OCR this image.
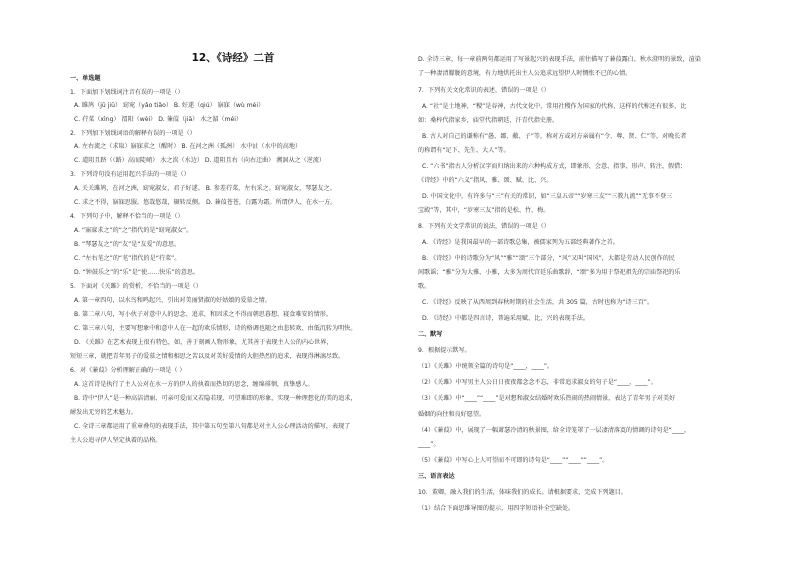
12、《诗经》二首
一、单选题
1．下面加下划线词注音有误的一项是（）
A. 雎鸠（jū jiū） 窈窕（yǎo tiǎo） B. 好逑（qiú） 寤寐（wù mèi）
C. 荇菜（xìng） 渭阳（wèi） D. 蒹葭（jiā） 水之湄（méi）
2．下列加下划线词语的解释有误的一项是（）
A. 左右流之（求取）寤寐求之（醒时） B. 在河之洲（孤洲） 水中沚（水中的高地）
C. 道阻且跻（（路）高而陡峭） 水之涘（水边） D. 道阻且右（向右迂曲） 溯洄从之（逆流）
3．下列诗句没有运用起兴手法的一项是（）
A. 关关雎鸠，在河之洲，窈窕淑女，君子好逑。 B. 参差荇菜，左右采之。窈窕淑女，琴瑟友之。
C. 求之不得，寤寐思服。悠哉悠哉，辗转反侧。 D. 蒹葭苍苍，白露为霜。所谓伊人，在水一方。
4．下列句子中，解释不恰当的一项是（）
A. “寤寐求之”的“之”指代的是“窈窕淑女”。
B. “琴瑟友之”的“友”是“友爱”的意思。
C. “左右芼之”的“芼”指代的是“荇菜”。
D. “钟鼓乐之”的“乐”是“使……快乐”的意思。
5．下面对《关雎》的赏析，不恰当的一项是（）
A. 第一章四句，以水鸟和鸣起兴，引出对美丽贤淑的好姑娘的爱慕之情。
B. 第二章八句，写小伙子对意中人的思念、追求，和因求之不得而朝思暮想、寝食难安的情形。
C. 第三章八句，主要写想象中和意中人在一起的欢乐情形，诗的格调也随之由悲转欢、由低沉转为明快。
D. 《关雎》在艺术表现上很有特色，如，善于刻画人物形象，尤其善于表现主人公的内心世界，
短短三章，就把青年男子的爱慕之情和相思之苦以及对美好爱情的大胆热烈的追求，表现得淋漓尽致。
6．对《蒹葭》分析理解正确的一项是（ ）
A. 这首诗是执行了主人公对在水一方的伊人的执着而热切的思念，缠绵徘徊，真挚感人。
B. 诗中“伊人”是一种高洁清丽、可亲可爱而又若隐若现、可望难即的形象，实现一种理想化的美的追求，
耐发出无穷的艺术魅力。
C. 全诗三章都运用了重章叠句的表现手法，其中第五句至第八句都是对主人公心理活动的描写，表现了
主人公追寻伊人坚定执着的品格。
D. 全诗三章，每一章前两句都运用了写景起兴的表现手法，前往描写了蒹葭露白、秋水澄明的景致，渲染
了一种凄清朦胧的意境，有力地烘托出主人公追求远望伊人时惆怅不已的心情。
7．下列有关文化常识的表述，错误的一项是（）
A. “社”是土地神，“稷”是谷神，古代文化中，常用社稷作为国家的代称，这样的代称还有很多，比
如：桑梓代指家乡，庙堂代指朝廷，汗青代指史册。
B. 古人对自己的谦称有“愚、鄙、敝、子”等，称对方或对方亲属有“令、尊、贤、仁”等，对晚长者
的称谓有“足下、先生、大人”等。
C. “六书”指古人分析汉字而归纳出来的六种构成方式，即象形、会意、指事、形声、转注、假借；
《诗经》中的“六义”指风、雅、颂、赋、比、兴。
D. 中国文化中，有许多与“三”有关的常识，如“三皇五帝”“岁寒三友”“三教九流”“无事不登三
宝殿”等，其中，“岁寒三友”指的是松、竹、梅。
8．下列有关文学常识的说法，错误的一项是（）
A. 《诗经》是我国最早的一部诗歌总集，被儒家列为五部经典著作之首。
B. 《诗经》中的诗歌分为“风”“雅”“颂”三个部分，“风”又叫“国风”，大都是劳动人民创作的民
间歌谣；“雅”分为大雅、小雅，大多为周代宫廷乐曲歌辞，“颂”多为用于祭祀祖先的宗庙祭祀的乐
歌。
C. 《诗经》反映了从西周到春秋时期的社会生活，共 305 篇，古时也称为“诗三百”。
D. 《诗经》中都是四言诗，普遍采用赋、比、兴的表现手法。
二、默写
9．根据提示默写。
（1）《关雎》中统领全篇的诗句是“____，____”。
（2）《关雎》中写男主人公日日夜夜都念念不忘，非常追求淑女的句子是“____，____”。
（3）《关雎》中“____”“____”是对想和淑女结婚时欢乐热闹的热闹情景，表达了青年男子对美好
婚姻的向往和良好愿望。
（4）《蒹葭》中，展现了一幅萧瑟冷清的秋景图，给全诗笼罩了一层凄清落寞的情调的诗句是“____，
____”。
（5）《蒹葭》中写心上人可望而不可即的诗句是“____”“____”“____”。
三、语言表达
10．董卿，融入我们的生活，体味我们的成长。请根据要求，完成下列题目。
（1）结合下面思维导图的提示，用四字短语补全空缺处。
